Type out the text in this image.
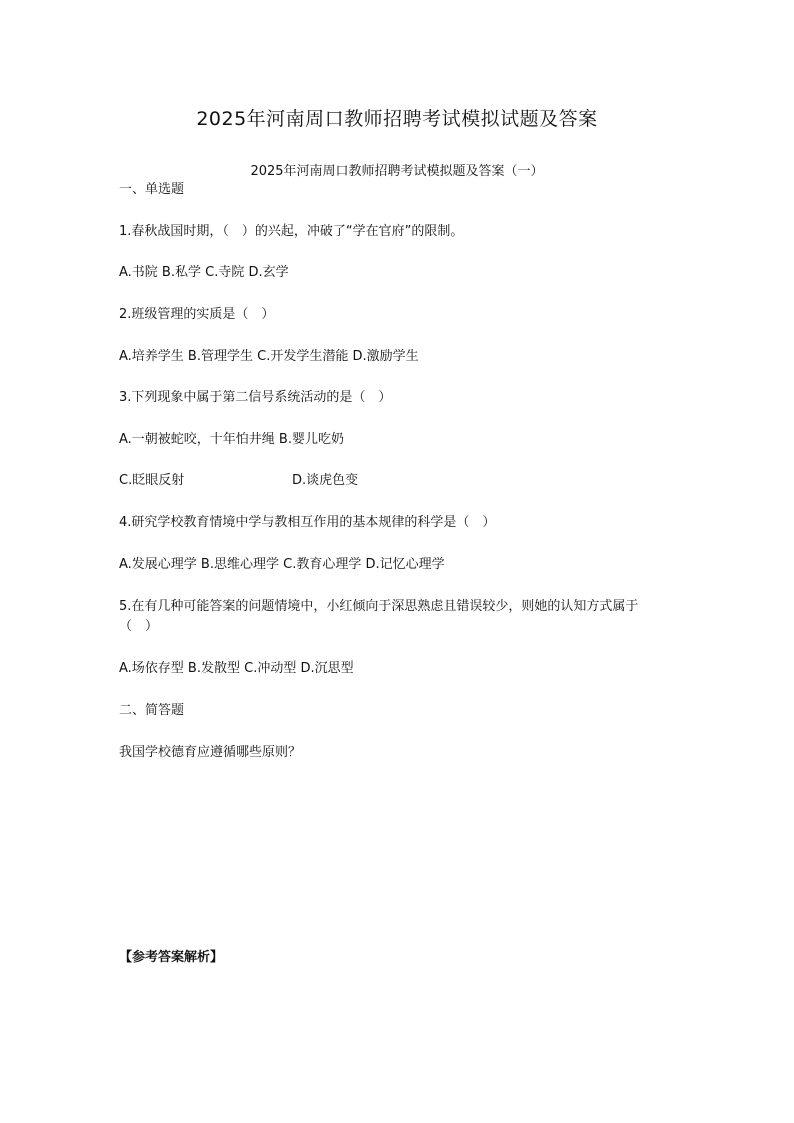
2025年河南周口教师招聘考试模拟试题及答案
2025年河南周口教师招聘考试模拟题及答案（一）
一、单选题
1.春秋战国时期，（　）的兴起，冲破了“学在官府”的限制。
A.书院 B.私学 C.寺院 D.玄学
2.班级管理的实质是（　）
A.培养学生 B.管理学生 C.开发学生潜能 D.激励学生
3.下列现象中属于第二信号系统活动的是（　）
A.一朝被蛇咬，十年怕井绳 B.婴儿吃奶
C.眨眼反射	D.谈虎色变
4.研究学校教育情境中学与教相互作用的基本规律的科学是（　）
A.发展心理学 B.思维心理学 C.教育心理学 D.记忆心理学
5.在有几种可能答案的问题情境中，小红倾向于深思熟虑且错误较少，则她的认知方式属于（　）
A.场依存型 B.发散型 C.冲动型 D.沉思型
二、简答题
我国学校德育应遵循哪些原则？
【参考答案解析】
